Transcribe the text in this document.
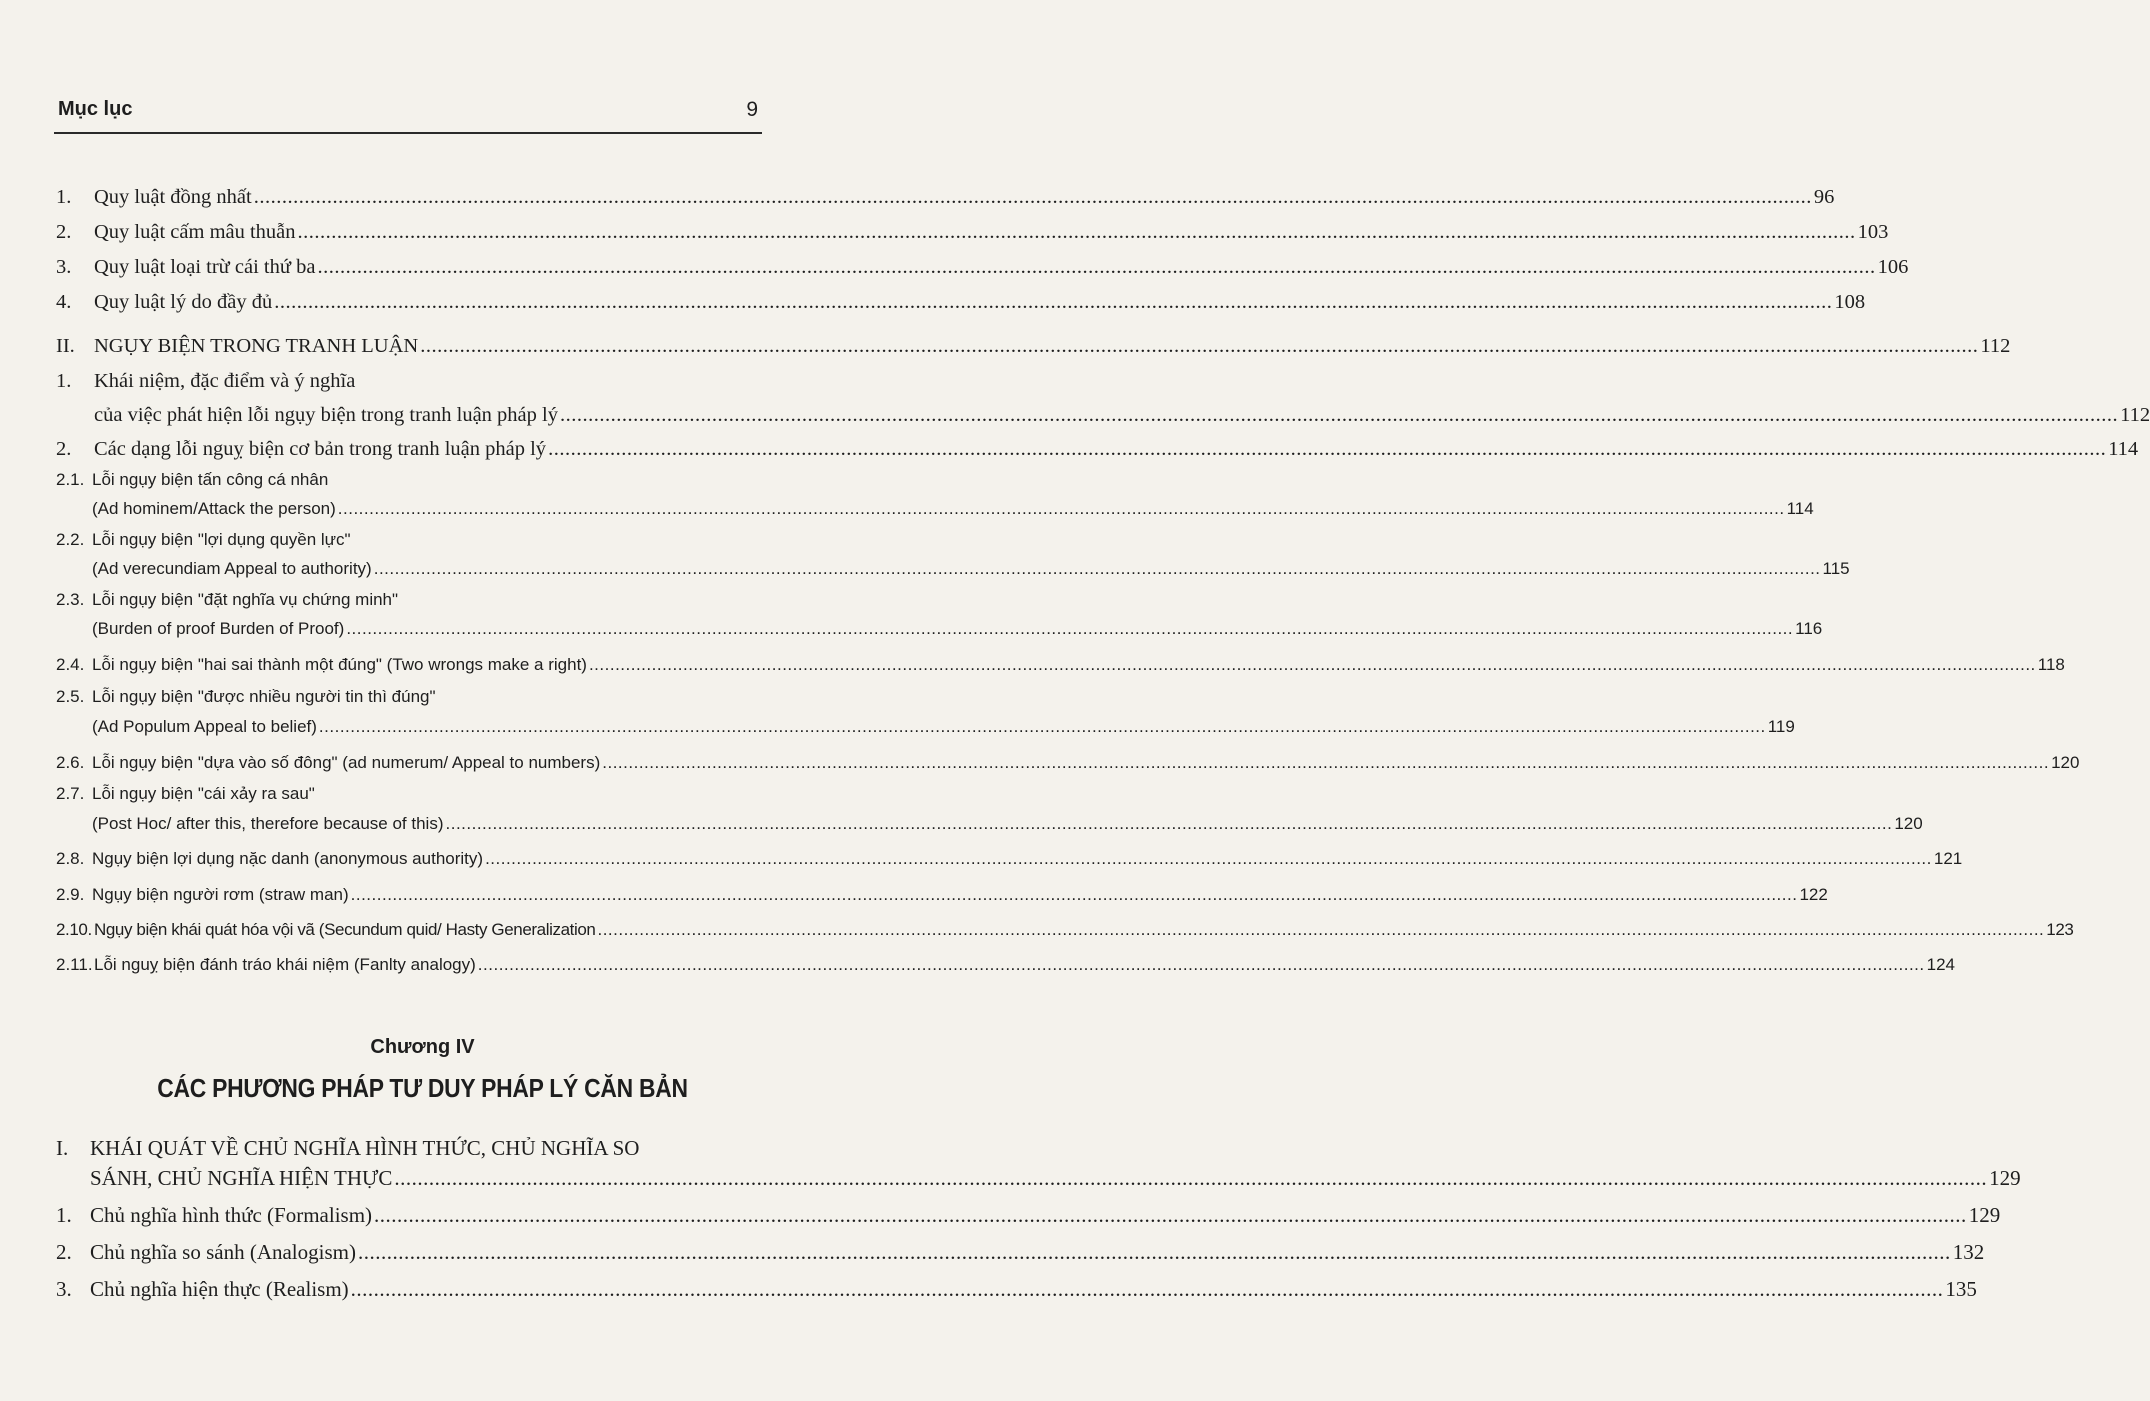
Mục lục	9
1.	Quy luật đồng nhất .....	96
2.	Quy luật cấm mâu thuẫn .....	103
3.	Quy luật loại trừ cái thứ ba .....	106
4.	Quy luật lý do đầy đủ .....	108
II. NGỤY BIỆN TRONG TRANH LUẬN .....	112
1.	Khái niệm, đặc điểm và ý nghĩa
của việc phát hiện lỗi ngụy biện trong tranh luận pháp lý .....	112
2.	Các dạng lỗi nguỵ biện cơ bản trong tranh luận pháp lý .....	114
2.1. Lỗi ngụy biện tấn công cá nhân
(Ad hominem/Attack the person) .....	114
2.2. Lỗi ngụy biện "lợi dụng quyền lực"
(Ad verecundiam Appeal to authority) .....	115
2.3. Lỗi ngụy biện "đặt nghĩa vụ chứng minh"
(Burden of proof Burden of Proof) .....	116
2.4. Lỗi ngụy biện "hai sai thành một đúng" (Two wrongs make a right) .....	118
2.5. Lỗi ngụy biện "được nhiều người tin thì đúng"
(Ad Populum Appeal to belief) .....	119
2.6. Lỗi ngụy biện "dựa vào số đông" (ad numerum/ Appeal to numbers) .....	120
2.7. Lỗi ngụy biện "cái xảy ra sau"
(Post Hoc/ after this, therefore because of this) .....	120
2.8. Ngụy biện lợi dụng nặc danh (anonymous authority) .....	121
2.9. Ngụy biện người rơm (straw man) .....	122
2.10. Ngụy biện khái quát hóa vội vã (Secundum quid/ Hasty Generalization .....	123
2.11. Lỗi nguỵ biện đánh tráo khái niệm (Fanlty analogy) .....	124
Chương IV
CÁC PHƯƠNG PHÁP TƯ DUY PHÁP LÝ CĂN BẢN
I.	KHÁI QUÁT VỀ CHỦ NGHĨA HÌNH THỨC, CHỦ NGHĨA SO
SÁNH, CHỦ NGHĨA HIỆN THỰC .....	129
1. Chủ nghĩa hình thức (Formalism) .....	129
2. Chủ nghĩa so sánh (Analogism) .....	132
3. Chủ nghĩa hiện thực (Realism) .....	135
